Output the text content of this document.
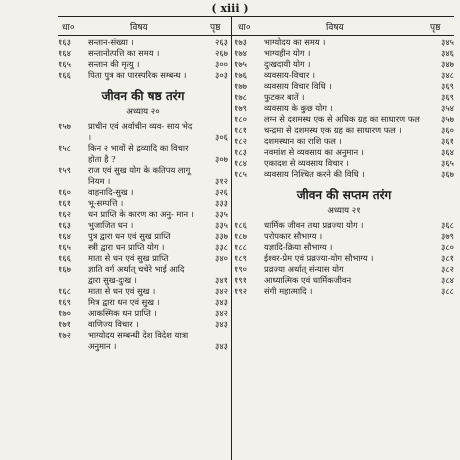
( xiii )
धा०	विषय	पृष्ठ धा०	विषय	पृष्ठ
१६३	सन्तान-संख्या ।	२६३
१६४	सन्तानोत्पत्ति का समय ।	२६७
१६५	सन्तान की मृत्यु ।	३००
१६६	पिता पुत्र का पारस्परिक सम्बन्ध ।	३०३
जीवन की षष्ठ तरंग
अध्याय २०
१५७	प्राचीन एवं अर्वाचीन व्यव- साय भेद ।	३०६
१५८	किन २ भावों से द्रव्यादि का विचार होता है ?	३०७
१५९	राज एवं सुख योग के कतिपय लागू नियम ।	३१२
१६०	वाहनादि-सुख ।	३२६
१६१	भू-सम्पत्ति ।	३३३
१६२	धन प्राप्ति के कारण का अनु- मान ।	३३५
१६३	भुजाजित धन ।	३३५
१६४	पुत्र द्वारा धन एवं सुख प्राप्ति	३३७
१६५	स्त्री द्वारा धन प्राप्ति योग ।	३३८
१६६	माता से धन एवं सुख प्राप्ति	३४०
१६७	ज्ञाति वर्ग अर्थात् चचेरे भाई आदि द्वारा सुख-दुःख ।	३४१
१६८	माता से धन एवं सुख ।	३४२
१६९	मित्र द्वारा धन एवं सुख ।	३४३
१७०	आकस्मिक धन प्राप्ति ।	३४२
१७१	वाणिज्य विचार ।	३४३
१७२	भाग्योदय सम्बन्धी देश विदेश यात्रा अनुमान ।	३४३
१७३	भाग्योदय का समय ।	३४५
१७४	भाग्यहीन योग ।	३४६
१७५	दुःखदायी योग ।	३४७
१७६	व्यवसाय-विचार ।	३४८
१७७	व्यवसाय विचार विधि ।	३६९
१७८	फुटकर बातें ।	३६९
१७९	व्यवसाय के कुछ योग ।	३५४
१८०	लग्न से दशमस्थ एक से अधिक ग्रह का साधारण फल	३५७
१८१	चन्द्रमा से दशमस्थ एक ग्रह का साधारण फल ।	३६०
१८२	दशमस्थान का राशि फल ।	३६१
१८३	नवमांश से व्यवसाय का अनुमान ।	३६४
१८४	एकादश से व्यवसाय विचार ।	३६५
१८५	व्यवसाय निश्चित करने की विधि ।	३६७
जीवन की सप्तम तरंग
अध्याय २१
१८६	धार्मिक जीवन तथा प्रव्रज्या योग ।	३६८
१८७	परोपकार सौभाग्य ।	३७९
१८८	यज्ञादि-क्रिया सौभाग्य ।	३८०
१८९	ईश्वर-प्रेम एवं प्रव्रज्या-योग सौभाग्य ।	३८१
१९०	प्रव्रज्या अर्थात् संन्यास योग	३८२
१९१	आध्यात्मिक एवं धार्मिकजीवन	३८४
१९२	संगी महात्मादि ।	३८८
